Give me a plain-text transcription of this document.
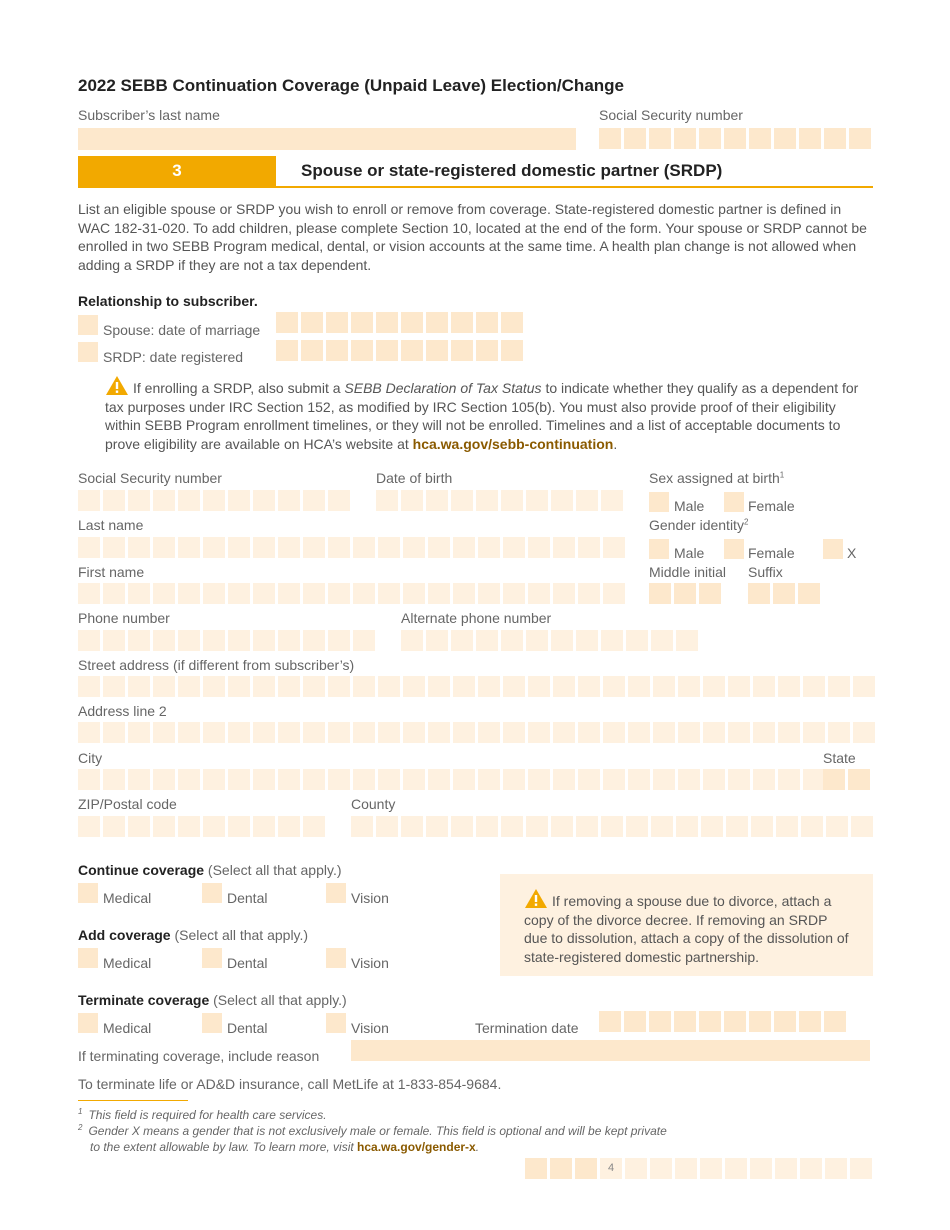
2022 SEBB Continuation Coverage (Unpaid Leave) Election/Change
Subscriber’s last name	Social Security number
3	Spouse or state-registered domestic partner (SRDP)
List an eligible spouse or SRDP you wish to enroll or remove from coverage. State-registered domestic partner is defined in WAC 182-31-020. To add children, please complete Section 10, located at the end of the form. Your spouse or SRDP cannot be enrolled in two SEBB Program medical, dental, or vision accounts at the same time. A health plan change is not allowed when adding a SRDP if they are not a tax dependent.
Relationship to subscriber.
Spouse: date of marriage
SRDP: date registered
If enrolling a SRDP, also submit a SEBB Declaration of Tax Status to indicate whether they qualify as a dependent for tax purposes under IRC Section 152, as modified by IRC Section 105(b). You must also provide proof of their eligibility within SEBB Program enrollment timelines, or they will not be enrolled. Timelines and a list of acceptable documents to prove eligibility are available on HCA’s website at hca.wa.gov/sebb-continuation.
Social Security number	Date of birth	Sex assigned at birth$^1$
Male	Female
Last name	Gender identity$^2$
Male	Female	X
First name	Middle initial Suffix
Phone number	Alternate phone number
Street address (if different from subscriber’s)
Address line 2
City	State
ZIP/Postal code	County
Continue coverage (Select all that apply.)
Medical	Dental	Vision
Add coverage (Select all that apply.)
Medical	Dental	Vision
If removing a spouse due to divorce, attach a copy of the divorce decree. If removing an SRDP due to dissolution, attach a copy of the dissolution of state-registered domestic partnership.
Terminate coverage (Select all that apply.)
Medical	Dental	Vision	Termination date
If terminating coverage, include reason
To terminate life or AD&D insurance, call MetLife at 1-833-854-9684.
$^1$ This field is required for health care services.
$^2$ Gender X means a gender that is not exclusively male or female. This field is optional and will be kept private to the extent allowable by law. To learn more, visit hca.wa.gov/gender-x.
4
